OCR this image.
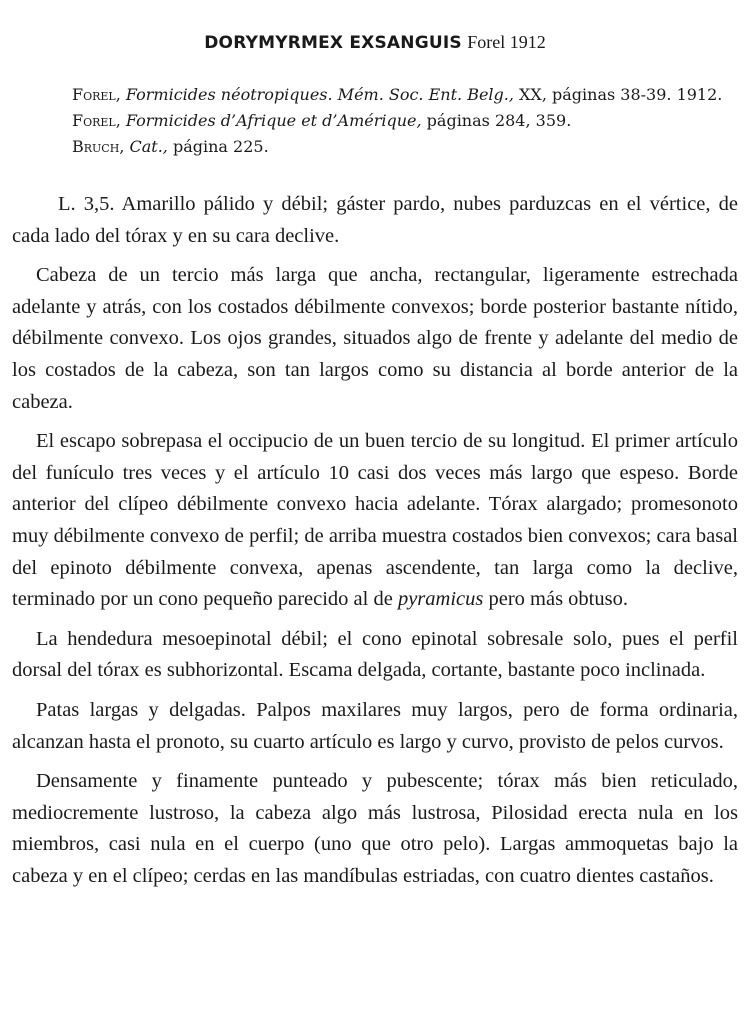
DORYMYRMEX EXSANGUIS Forel 1912
Forel, Formicides néotropiques. Mém. Soc. Ent. Belg., XX, páginas 38-39. 1912.
Forel, Formicides d’Afrique et d’Amérique, páginas 284, 359.
Bruch, Cat., página 225.

L. 3,5. Amarillo pálido y débil; gáster pardo, nubes parduzcas en el vértice, de cada lado del tórax y en su cara declive.

Cabeza de un tercio más larga que ancha, rectangular, ligeramente estrechada adelante y atrás, con los costados débilmente convexos; borde posterior bastante nítido, débilmente convexo. Los ojos grandes, situados algo de frente y adelante del medio de los costados de la cabeza, son tan largos como su distancia al borde anterior de la cabeza.

El escapo sobrepasa el occipucio de un buen tercio de su longitud. El primer artículo del funículo tres veces y el artículo 10 casi dos veces más largo que espeso. Borde anterior del clípeo débilmente convexo hacia adelante. Tórax alargado; promesonoto muy débilmente convexo de perfil; de arriba muestra costados bien convexos; cara basal del epinoto débilmente convexa, apenas ascendente, tan larga como la declive, terminado por un cono pequeño parecido al de pyramicus pero más obtuso.

La hendedura mesoepinotal débil; el cono epinotal sobresale solo, pues el perfil dorsal del tórax es subhorizontal. Escama delgada, cortante, bastante poco inclinada.

Patas largas y delgadas. Palpos maxilares muy largos, pero de forma ordinaria, alcanzan hasta el pronoto, su cuarto artículo es largo y curvo, provisto de pelos curvos.

Densamente y finamente punteado y pubescente; tórax más bien reticulado, mediocremente lustroso, la cabeza algo más lustrosa, Pilosidad erecta nula en los miembros, casi nula en el cuerpo (uno que otro pelo). Largas ammoquetas bajo la cabeza y en el clípeo; cerdas en las mandíbulas estriadas, con cuatro dientes castaños.
